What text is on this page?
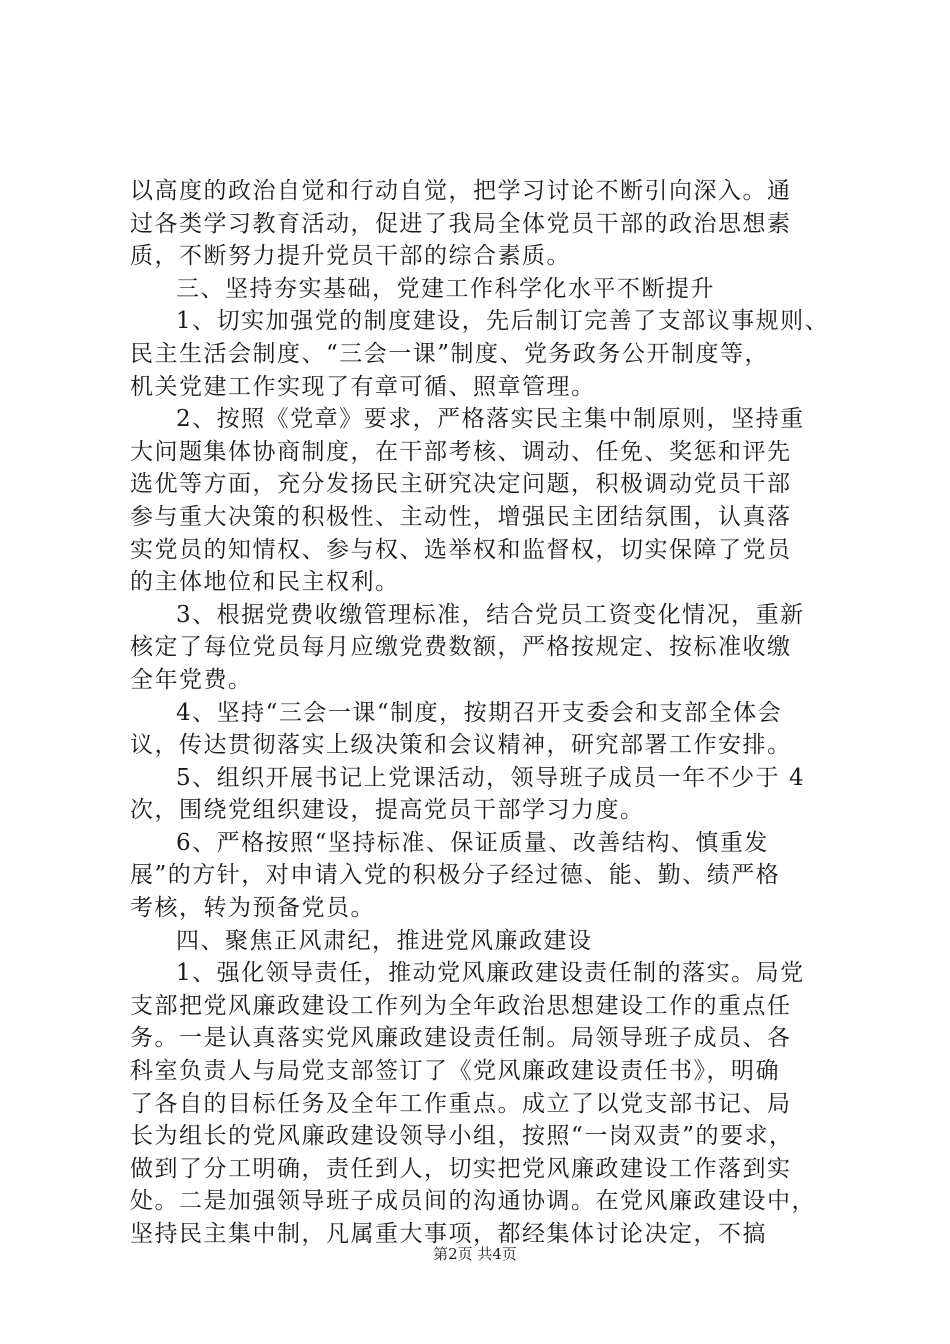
以高度的政治自觉和行动自觉，把学习讨论不断引向深入。通
过各类学习教育活动，促进了我局全体党员干部的政治思想素
质，不断努力提升党员干部的综合素质。
三、坚持夯实基础，党建工作科学化水平不断提升
1、切实加强党的制度建设，先后制订完善了支部议事规则、
民主生活会制度、“三会一课”制度、党务政务公开制度等，
机关党建工作实现了有章可循、照章管理。
2、按照《党章》要求，严格落实民主集中制原则，坚持重
大问题集体协商制度，在干部考核、调动、任免、奖惩和评先
选优等方面，充分发扬民主研究决定问题，积极调动党员干部
参与重大决策的积极性、主动性，增强民主团结氛围，认真落
实党员的知情权、参与权、选举权和监督权，切实保障了党员
的主体地位和民主权利。
3、根据党费收缴管理标准，结合党员工资变化情况，重新
核定了每位党员每月应缴党费数额，严格按规定、按标准收缴
全年党费。
4、坚持“三会一课“制度，按期召开支委会和支部全体会
议，传达贯彻落实上级决策和会议精神，研究部署工作安排。
5、组织开展书记上党课活动，领导班子成员一年不少于 4
次，围绕党组织建设，提高党员干部学习力度。
6、严格按照“坚持标准、保证质量、改善结构、慎重发
展”的方针，对申请入党的积极分子经过德、能、勤、绩严格
考核，转为预备党员。
四、聚焦正风肃纪，推进党风廉政建设
1、强化领导责任，推动党风廉政建设责任制的落实。局党
支部把党风廉政建设工作列为全年政治思想建设工作的重点任
务。一是认真落实党风廉政建设责任制。局领导班子成员、各
科室负责人与局党支部签订了《党风廉政建设责任书》，明确
了各自的目标任务及全年工作重点。成立了以党支部书记、局
长为组长的党风廉政建设领导小组，按照“一岗双责”的要求，
做到了分工明确，责任到人，切实把党风廉政建设工作落到实
处。二是加强领导班子成员间的沟通协调。在党风廉政建设中，
坚持民主集中制，凡属重大事项，都经集体讨论决定，不搞
第2页 共4页
